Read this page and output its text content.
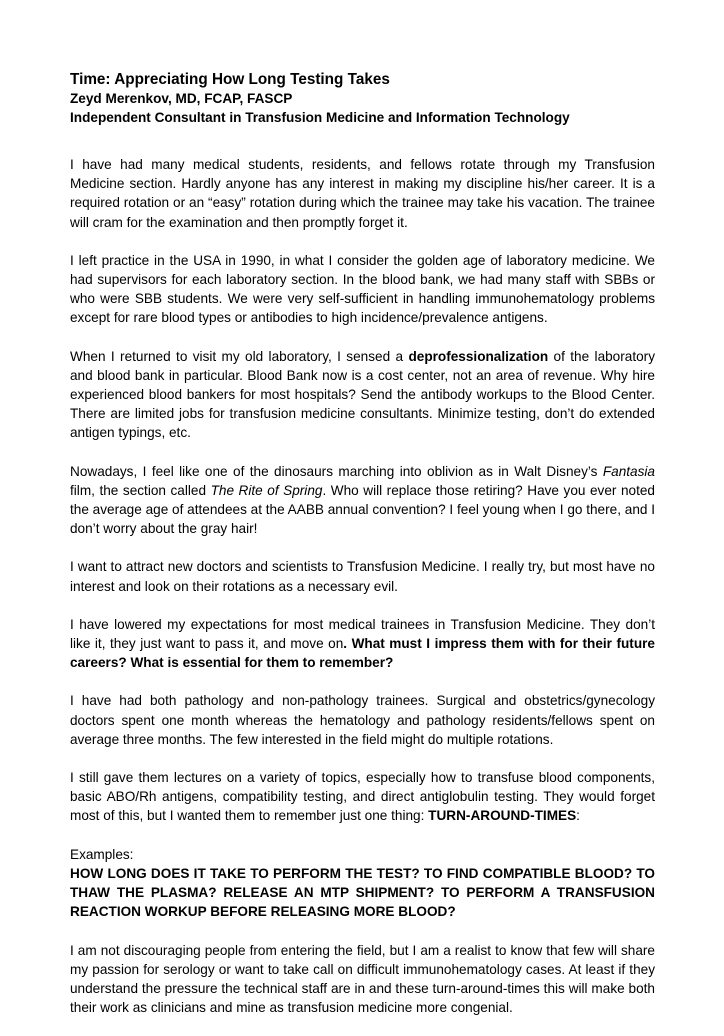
Time: Appreciating How Long Testing Takes
Zeyd Merenkov, MD, FCAP, FASCP
Independent Consultant in Transfusion Medicine and Information Technology

I have had many medical students, residents, and fellows rotate through my Transfusion Medicine section. Hardly anyone has any interest in making my discipline his/her career. It is a required rotation or an “easy” rotation during which the trainee may take his vacation. The trainee will cram for the examination and then promptly forget it.

I left practice in the USA in 1990, in what I consider the golden age of laboratory medicine. We had supervisors for each laboratory section. In the blood bank, we had many staff with SBBs or who were SBB students. We were very self-sufficient in handling immunohematology problems except for rare blood types or antibodies to high incidence/prevalence antigens.

When I returned to visit my old laboratory, I sensed a deprofessionalization of the laboratory and blood bank in particular. Blood Bank now is a cost center, not an area of revenue. Why hire experienced blood bankers for most hospitals? Send the antibody workups to the Blood Center. There are limited jobs for transfusion medicine consultants. Minimize testing, don’t do extended antigen typings, etc.

Nowadays, I feel like one of the dinosaurs marching into oblivion as in Walt Disney’s Fantasia film, the section called The Rite of Spring. Who will replace those retiring? Have you ever noted the average age of attendees at the AABB annual convention? I feel young when I go there, and I don’t worry about the gray hair!

I want to attract new doctors and scientists to Transfusion Medicine. I really try, but most have no interest and look on their rotations as a necessary evil.

I have lowered my expectations for most medical trainees in Transfusion Medicine. They don’t like it, they just want to pass it, and move on. What must I impress them with for their future careers? What is essential for them to remember?

I have had both pathology and non-pathology trainees. Surgical and obstetrics/gynecology doctors spent one month whereas the hematology and pathology residents/fellows spent on average three months. The few interested in the field might do multiple rotations.

I still gave them lectures on a variety of topics, especially how to transfuse blood components, basic ABO/Rh antigens, compatibility testing, and direct antiglobulin testing. They would forget most of this, but I wanted them to remember just one thing: TURN-AROUND-TIMES:

Examples:

HOW LONG DOES IT TAKE TO PERFORM THE TEST? TO FIND COMPATIBLE BLOOD? TO THAW THE PLASMA? RELEASE AN MTP SHIPMENT? TO PERFORM A TRANSFUSION REACTION WORKUP BEFORE RELEASING MORE BLOOD?

I am not discouraging people from entering the field, but I am a realist to know that few will share my passion for serology or want to take call on difficult immunohematology cases. At least if they understand the pressure the technical staff are in and these turn-around-times this will make both their work as clinicians and mine as transfusion medicine more congenial.
